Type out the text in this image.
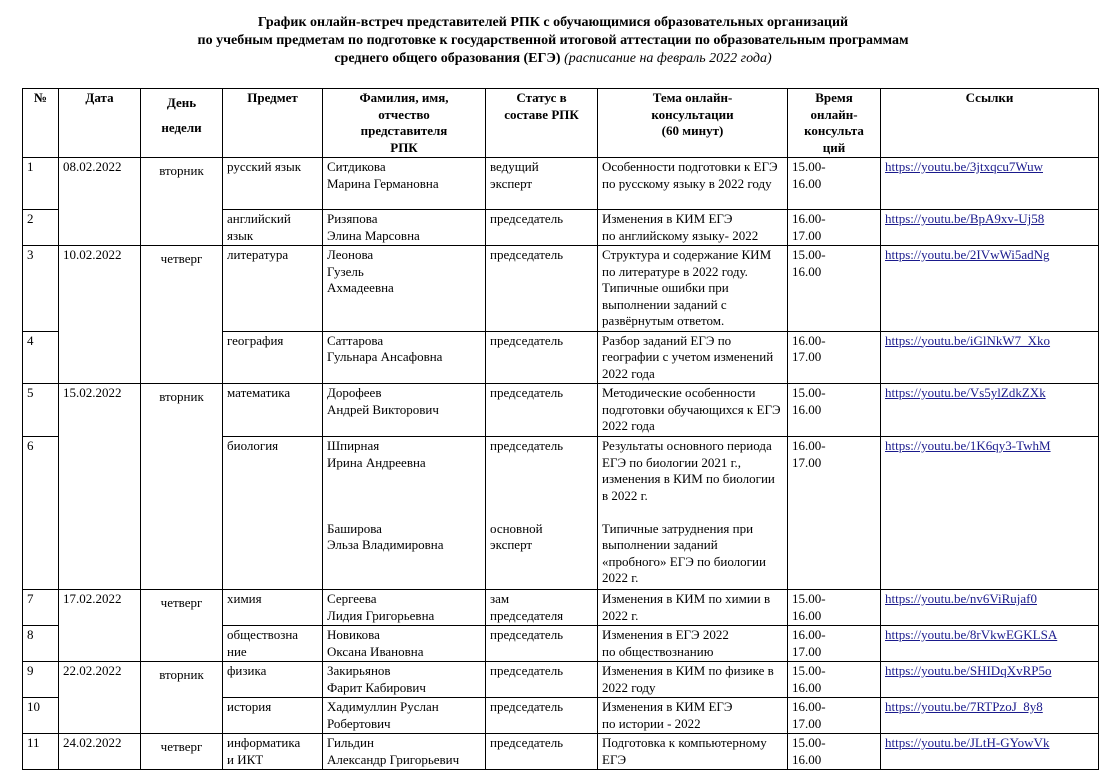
График онлайн-встреч представителей РПК с обучающимися образовательных организаций
по учебным предметам по подготовке к государственной итоговой аттестации по образовательным программам
среднего общего образования (ЕГЭ) (расписание на февраль 2022 года)
№	Дата	День
недели	Предмет	Фамилия, имя,
отчество
представителя
РПК	Статус в
составе РПК	Тема онлайн-
консультации
(60 минут)	Время
онлайн-
консульта
ций	Ссылки
1	08.02.2022	вторник	русский язык	Ситдикова
Марина Германовна	ведущий
эксперт	Особенности подготовки к ЕГЭ по русскому языку в 2022 году	15.00-
16.00	https://youtu.be/3jtxqcu7Wuw
2			английский язык	Ризяпова
Элина Марсовна	председатель	Изменения в КИМ ЕГЭ
по английскому языку- 2022	16.00-
17.00	https://youtu.be/BpA9xv-Uj58
3	10.02.2022	четверг	литература	Леонова
Гузель
Ахмадеевна	председатель	Структура и содержание КИМ по литературе в 2022 году. Типичные ошибки при выполнении заданий с развёрнутым ответом.	15.00-
16.00	https://youtu.be/2IVwWi5adNg
4			география	Саттарова
Гульнара Ансафовна	председатель	Разбор заданий ЕГЭ по географии с учетом изменений 2022 года	16.00-
17.00	https://youtu.be/iGlNkW7_Xko
5	15.02.2022	вторник	математика	Дорофеев
Андрей Викторович	председатель	Методические особенности подготовки обучающихся к ЕГЭ 2022 года	15.00-
16.00	https://youtu.be/Vs5ylZdkZXk
6			биология	Шпирная
Ирина Андреевна

Баширова
Эльза Владимировна	председатель

основной
эксперт	Результаты основного периода ЕГЭ по биологии 2021 г., изменения в КИМ по биологии в 2022 г.

Типичные затруднения при выполнении заданий «пробного» ЕГЭ по биологии 2022 г.	16.00-
17.00	https://youtu.be/1K6qy3-TwhM
7	17.02.2022	четверг	химия	Сергеева
Лидия Григорьевна	зам
председателя	Изменения в КИМ по химии в 2022 г.	15.00-
16.00	https://youtu.be/nv6ViRujaf0
8			обществозна
ние	Новикова
Оксана Ивановна	председатель	Изменения в ЕГЭ 2022
по обществознанию	16.00-
17.00	https://youtu.be/8rVkwEGKLSA
9	22.02.2022	вторник	физика	Закирьянов
Фарит Кабирович	председатель	Изменения в КИМ по физике в 2022 году	15.00-
16.00	https://youtu.be/SHIDqXvRP5o
10			история	Хадимуллин Руслан
Робертович	председатель	Изменения в КИМ ЕГЭ
по истории - 2022	16.00-
17.00	https://youtu.be/7RTPzoJ_8y8
11	24.02.2022	четверг	информатика
и ИКТ	Гильдин
Александр Григорьевич	председатель	Подготовка к компьютерному ЕГЭ	15.00-
16.00	https://youtu.be/JLtH-GYowVk
